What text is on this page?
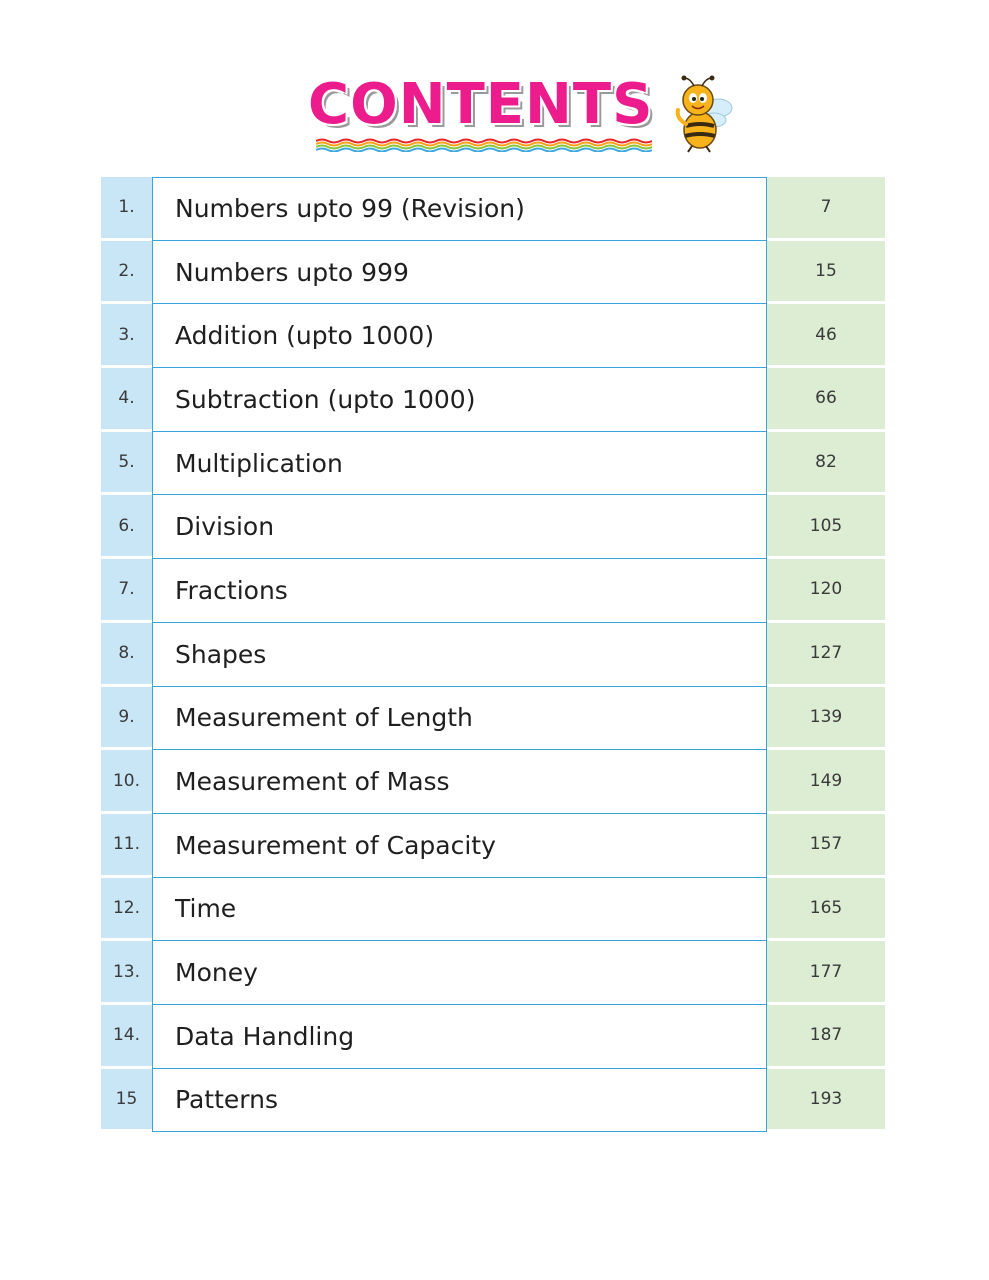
CONTENTS
1.	Numbers upto 99 (Revision)	7
2.	Numbers upto 999	15
3.	Addition (upto 1000)	46
4.	Subtraction (upto 1000)	66
5.	Multiplication	82
6.	Division	105
7.	Fractions	120
8.	Shapes	127
9.	Measurement of Length	139
10.	Measurement of Mass	149
11.	Measurement of Capacity	157
12.	Time	165
13.	Money	177
14.	Data Handling	187
15	Patterns	193
